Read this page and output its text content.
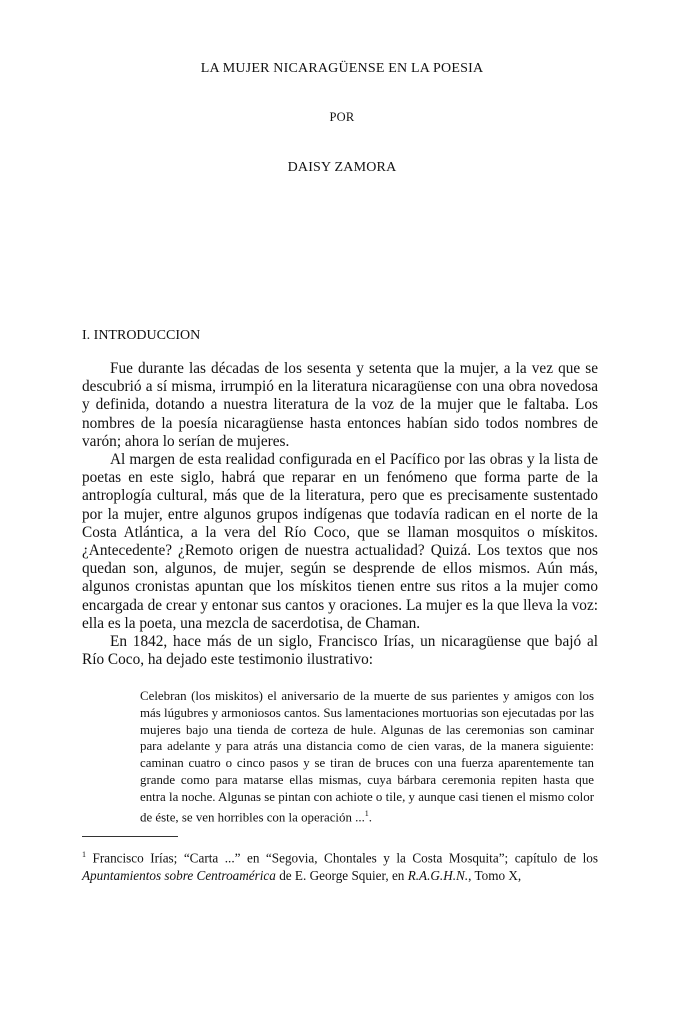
LA MUJER NICARAGÜENSE EN LA POESIA
POR
DAISY ZAMORA
I. INTRODUCCION

Fue durante las décadas de los sesenta y setenta que la mujer, a la vez que se descubrió a sí misma, irrumpió en la literatura nicaragüense con una obra novedosa y definida, dotando a nuestra literatura de la voz de la mujer que le faltaba. Los nombres de la poesía nicaragüense hasta entonces habían sido todos nombres de varón; ahora lo serían de mujeres.

Al margen de esta realidad configurada en el Pacífico por las obras y la lista de poetas en este siglo, habrá que reparar en un fenómeno que forma parte de la antroplogía cultural, más que de la literatura, pero que es precisamente sustentado por la mujer, entre algunos grupos indígenas que todavía radican en el norte de la Costa Atlántica, a la vera del Río Coco, que se llaman mosquitos o mískitos. ¿Antecedente? ¿Remoto origen de nuestra actualidad? Quizá. Los textos que nos quedan son, algunos, de mujer, según se desprende de ellos mismos. Aún más, algunos cronistas apuntan que los mískitos tienen entre sus ritos a la mujer como encargada de crear y entonar sus cantos y oraciones. La mujer es la que lleva la voz: ella es la poeta, una mezcla de sacerdotisa, de Chaman.

En 1842, hace más de un siglo, Francisco Irías, un nicaragüense que bajó al Río Coco, ha dejado este testimonio ilustrativo:

Celebran (los miskitos) el aniversario de la muerte de sus parientes y amigos con los más lúgubres y armoniosos cantos. Sus lamentaciones mortuorias son ejecutadas por las mujeres bajo una tienda de corteza de hule. Algunas de las ceremonias son caminar para adelante y para atrás una distancia como de cien varas, de la manera siguiente: caminan cuatro o cinco pasos y se tiran de bruces con una fuerza aparentemente tan grande como para matarse ellas mismas, cuya bárbara ceremonia repiten hasta que entra la noche. Algunas se pintan con achiote o tile, y aunque casi tienen el mismo color de éste, se ven horribles con la operación ...$^1$.
$^1$ Francisco Irías; “Carta ...” en “Segovia, Chontales y la Costa Mosquita”; capítulo de los Apuntamientos sobre Centroamérica de E. George Squier, en R.A.G.H.N., Tomo X,
